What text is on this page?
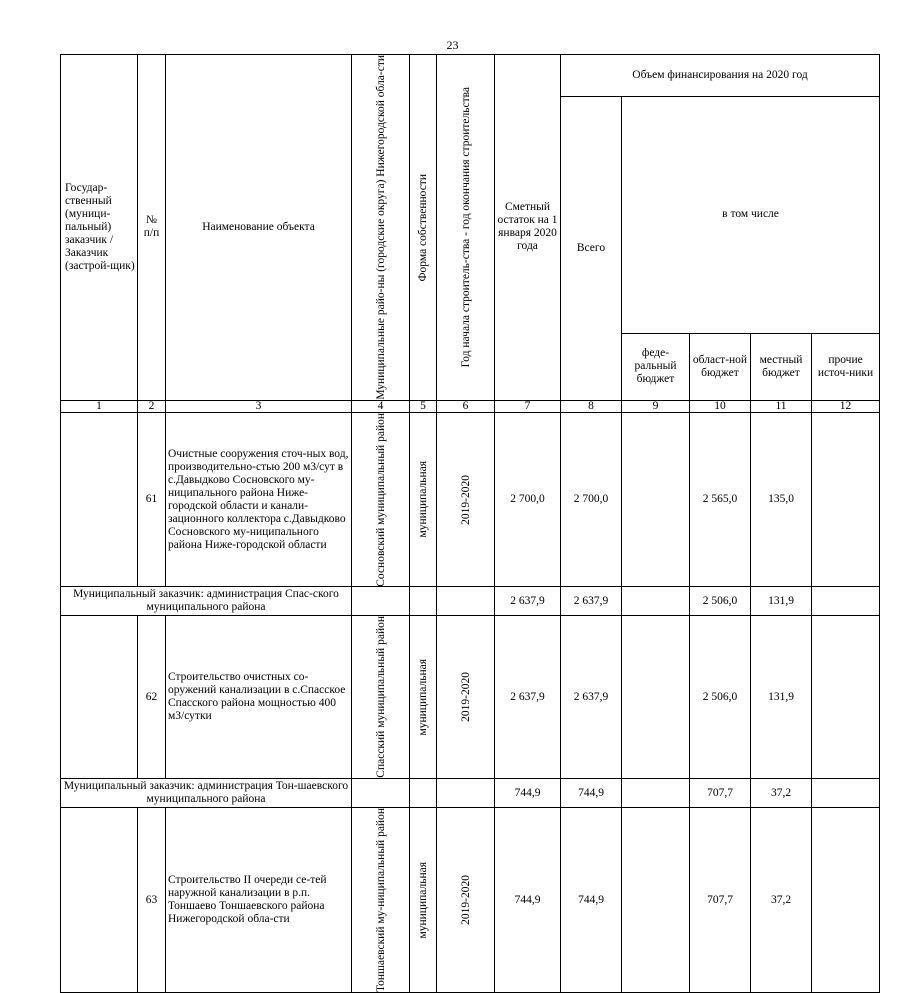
23
Государ-ственный (муници-пальный) заказчик /Заказчик (застрой-щик)	№ п/п	Наименование объекта	Муниципальные райо-ны (городские округа) Нижегородской обла-сти	Форма собственности	Год начала строитель-ства - год окончания строительства	Сметный остаток на 1 января 2020 года	Объем финансирования на 2020 год				
							Всего	в том числе			
								феде-ральный бюджет	област-ной бюджет	местный бюджет	прочие источ-ники
1	2	3	4	5	6	7	8	9	10	11	12
	61	Очистные сооружения сточ-ных вод, производительно-стью 200 м3/сут в с.Давыдково Сосновского му-ниципального района Ниже-городской области и канали-зационного коллектора с.Давыдково Сосновского му-ниципального района Ниже-городской области	Сосновский муниципальный район	муниципальная	2019-2020	2 700,0	2 700,0		2 565,0	135,0	
Муниципальный заказчик: администрация Спас-ского муниципального района						2 637,9	2 637,9		2 506,0	131,9	
	62	Строительство очистных со-оружений канализации в с.Спасское Спасского района мощностью 400 м3/сутки	Спасский муниципальный район	муниципальная	2019-2020	2 637,9	2 637,9		2 506,0	131,9	
Муниципальный заказчик: администрация Тон-шаевского муниципального района						744,9	744,9		707,7	37,2	
	63	Строительство II очереди се-тей наружной канализации в р.п. Тоншаево Тоншаевского района Нижегородской обла-сти	Тоншаевский му-ниципальный район	муниципальная	2019-2020	744,9	744,9		707,7	37,2	
